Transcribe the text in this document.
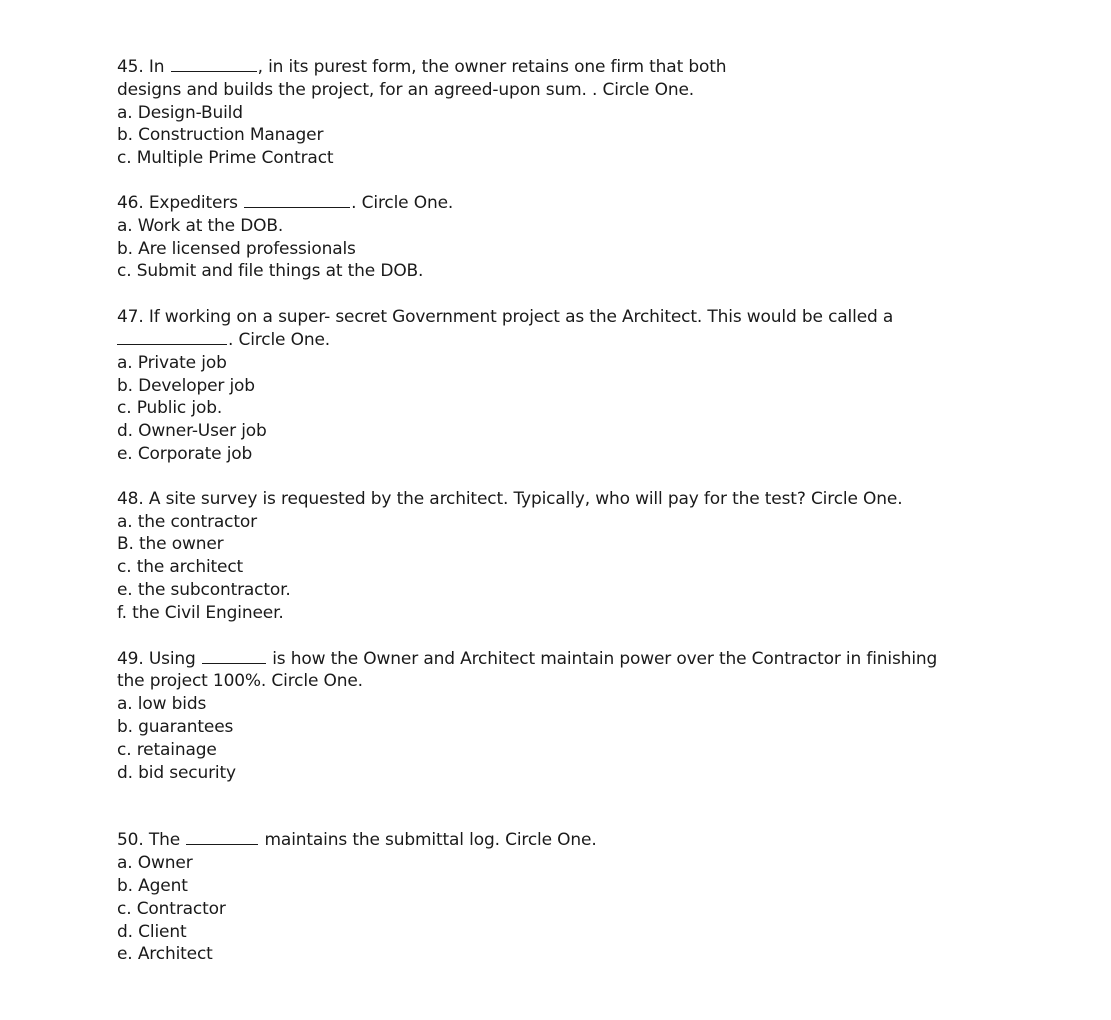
45. In	, in its purest form, the owner retains one firm that both
designs and builds the project, for an agreed-upon sum. . Circle One.
a. Design-Build
b. Construction Manager
c. Multiple Prime Contract
46. Expediters	. Circle One.
a. Work at the DOB.
b. Are licensed professionals
c. Submit and file things at the DOB.
47. If working on a super- secret Government project as the Architect. This would be called a
. Circle One.
a. Private job
b. Developer job
c. Public job.
d. Owner-User job
e. Corporate job
48. A site survey is requested by the architect. Typically, who will pay for the test? Circle One.
a. the contractor
B. the owner
c. the architect
e. the subcontractor.
f. the Civil Engineer.
49. Using	is how the Owner and Architect maintain power over the Contractor in finishing
the project 100%. Circle One.
a. low bids
b. guarantees
c. retainage
d. bid security
50. The	maintains the submittal log. Circle One.
a. Owner
b. Agent
c. Contractor
d. Client
e. Architect
